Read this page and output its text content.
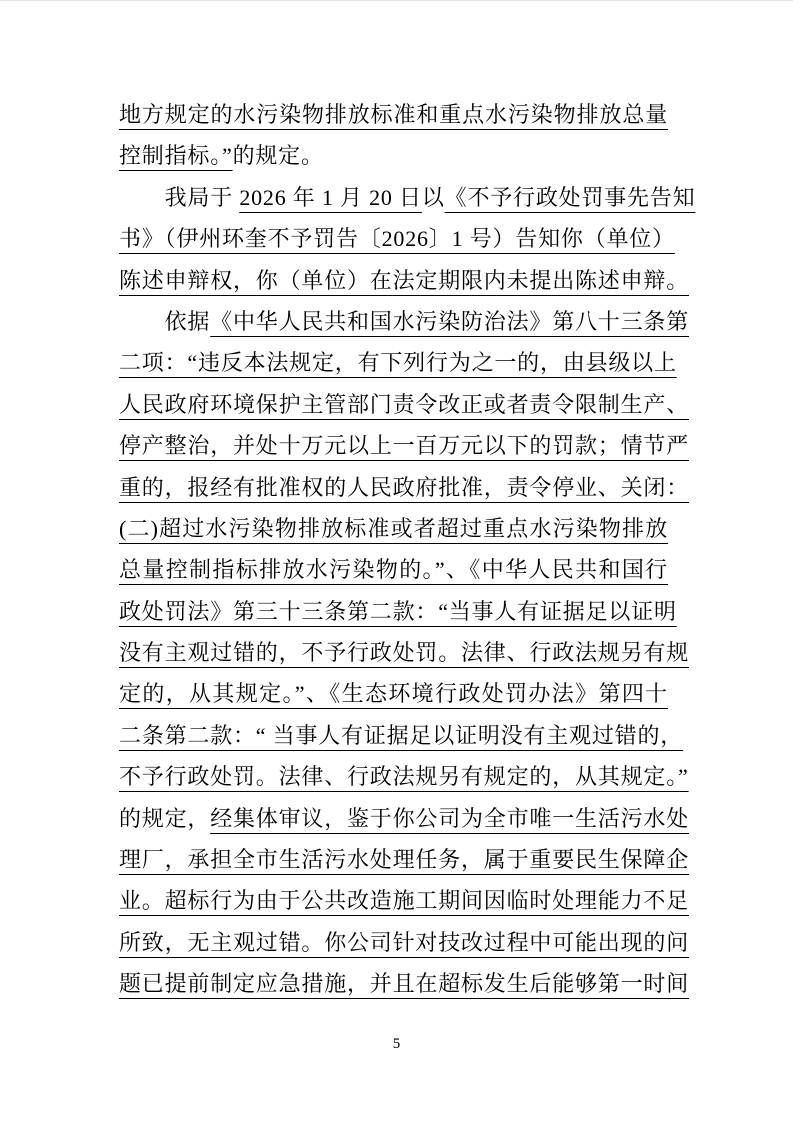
地方规定的水污染物排放标准和重点水污染物排放总量
控制指标。”的规定。
　　我局于 2026 年 1 月 20 日以《不予行政处罚事先告知
书》（伊州环奎不予罚告〔2026〕1 号）告知你（单位）
陈述申辩权，你（单位）在法定期限内未提出陈述申辩。
　　依据《中华人民共和国水污染防治法》第八十三条第
二项：“违反本法规定，有下列行为之一的，由县级以上
人民政府环境保护主管部门责令改正或者责令限制生产、
停产整治，并处十万元以上一百万元以下的罚款；情节严
重的，报经有批准权的人民政府批准，责令停业、关闭：
(二)超过水污染物排放标准或者超过重点水污染物排放
总量控制指标排放水污染物的。”、《中华人民共和国行
政处罚法》第三十三条第二款：“当事人有证据足以证明
没有主观过错的，不予行政处罚。法律、行政法规另有规
定的，从其规定。”、《生态环境行政处罚办法》第四十
二条第二款：“ 当事人有证据足以证明没有主观过错的，
不予行政处罚。法律、行政法规另有规定的，从其规定。”
的规定，经集体审议，鉴于你公司为全市唯一生活污水处
理厂，承担全市生活污水处理任务，属于重要民生保障企
业。超标行为由于公共改造施工期间因临时处理能力不足
所致，无主观过错。你公司针对技改过程中可能出现的问
题已提前制定应急措施，并且在超标发生后能够第一时间
5
